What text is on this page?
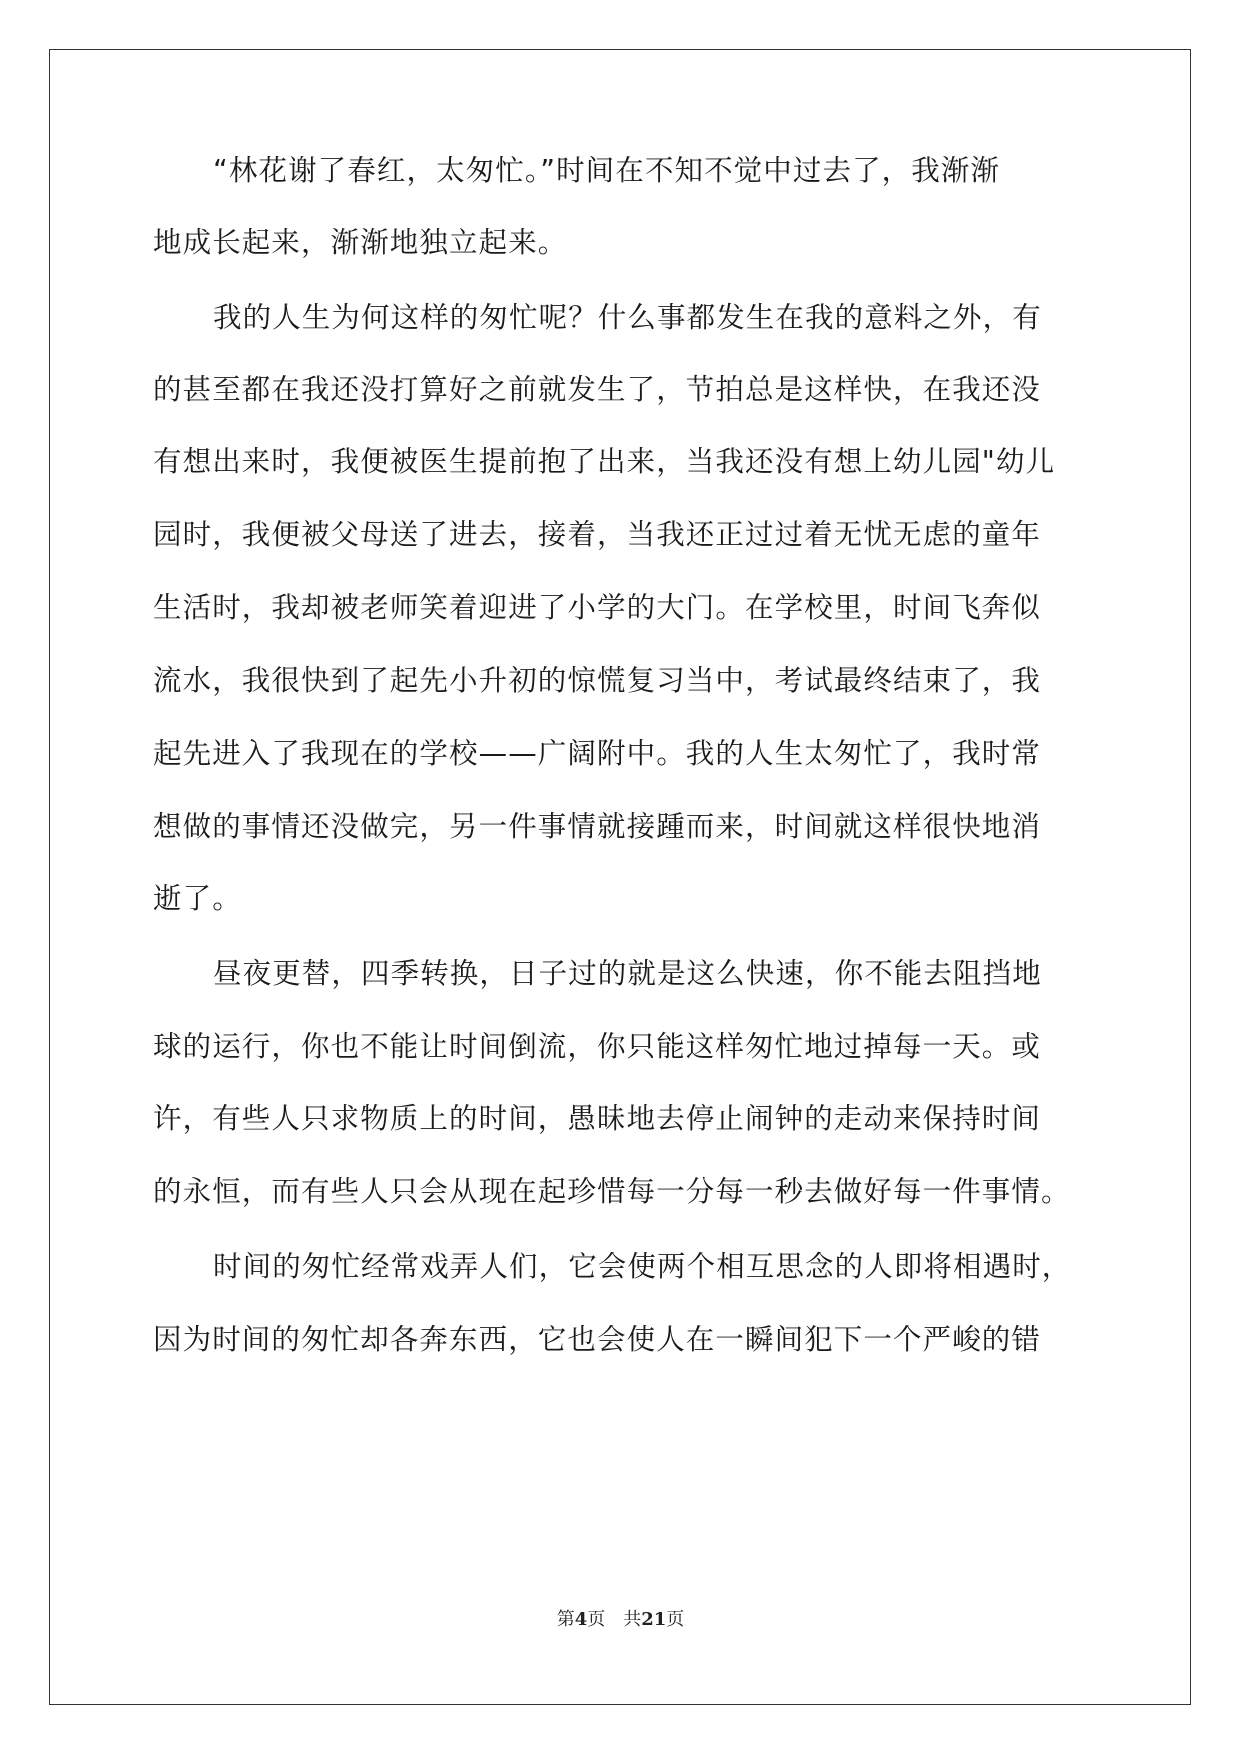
“林花谢了春红，太匆忙。”时间在不知不觉中过去了，我渐渐
地成长起来，渐渐地独立起来。
我的人生为何这样的匆忙呢？什么事都发生在我的意料之外，有
的甚至都在我还没打算好之前就发生了，节拍总是这样快，在我还没
有想出来时，我便被医生提前抱了出来，当我还没有想上幼儿园"幼儿
园时，我便被父母送了进去，接着，当我还正过过着无忧无虑的童年
生活时，我却被老师笑着迎进了小学的大门。在学校里，时间飞奔似
流水，我很快到了起先小升初的惊慌复习当中，考试最终结束了，我
起先进入了我现在的学校——广阔附中。我的人生太匆忙了，我时常
想做的事情还没做完，另一件事情就接踵而来，时间就这样很快地消
逝了。
昼夜更替，四季转换，日子过的就是这么快速，你不能去阻挡地
球的运行，你也不能让时间倒流，你只能这样匆忙地过掉每一天。或
许，有些人只求物质上的时间，愚昧地去停止闹钟的走动来保持时间
的永恒，而有些人只会从现在起珍惜每一分每一秒去做好每一件事情。
时间的匆忙经常戏弄人们，它会使两个相互思念的人即将相遇时，
因为时间的匆忙却各奔东西，它也会使人在一瞬间犯下一个严峻的错
第4页 共21页
